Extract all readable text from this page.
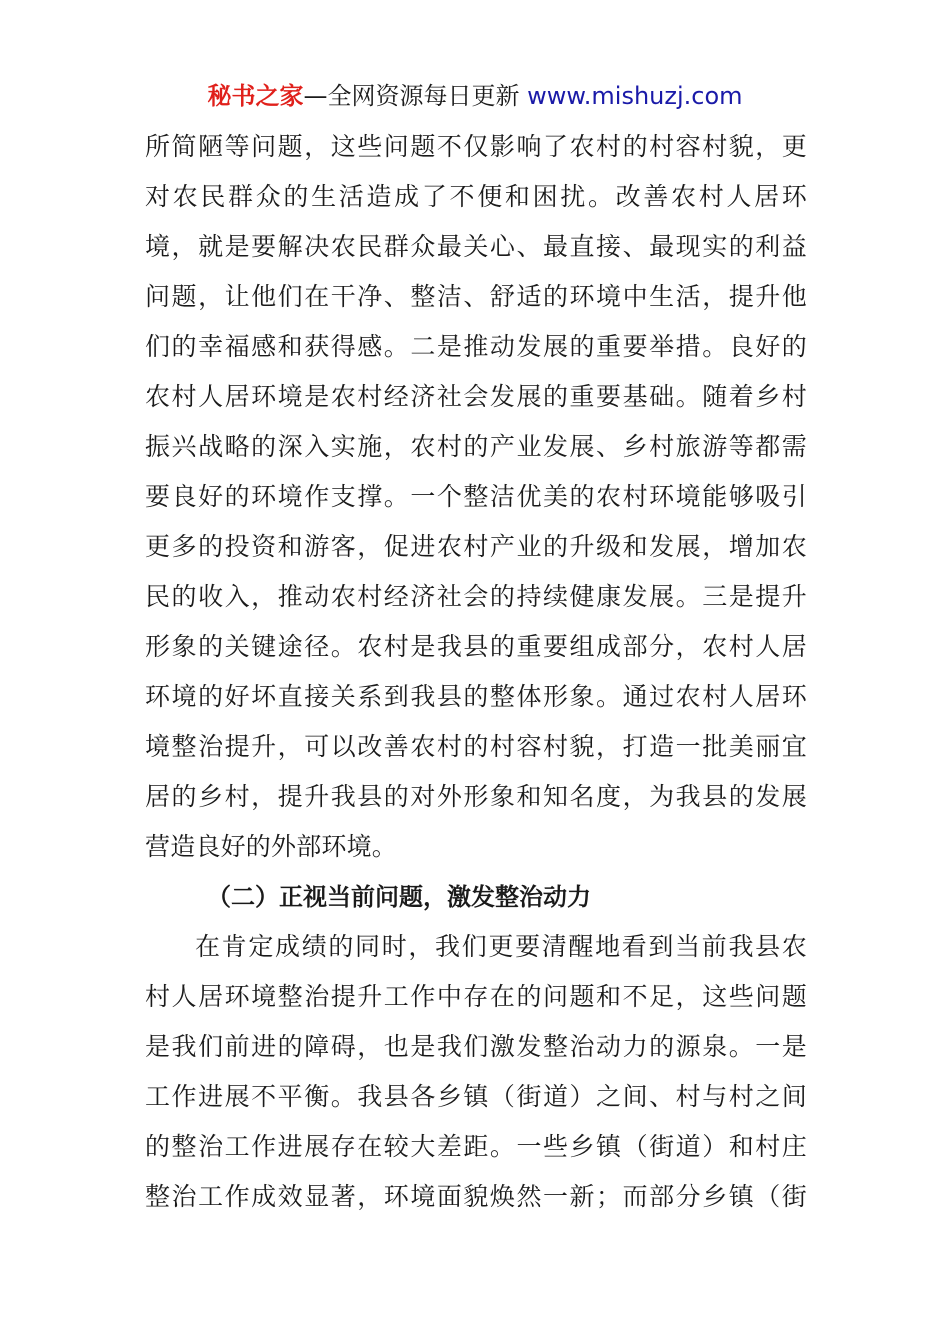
秘书之家—全网资源每日更新 www.mishuzj.com
所简陋等问题，这些问题不仅影响了农村的村容村貌，更
对农民群众的生活造成了不便和困扰。改善农村人居环
境，就是要解决农民群众最关心、最直接、最现实的利益
问题，让他们在干净、整洁、舒适的环境中生活，提升他
们的幸福感和获得感。二是推动发展的重要举措。良好的
农村人居环境是农村经济社会发展的重要基础。随着乡村
振兴战略的深入实施，农村的产业发展、乡村旅游等都需
要良好的环境作支撑。一个整洁优美的农村环境能够吸引
更多的投资和游客，促进农村产业的升级和发展，增加农
民的收入，推动农村经济社会的持续健康发展。三是提升
形象的关键途径。农村是我县的重要组成部分，农村人居
环境的好坏直接关系到我县的整体形象。通过农村人居环
境整治提升，可以改善农村的村容村貌，打造一批美丽宜
居的乡村，提升我县的对外形象和知名度，为我县的发展
营造良好的外部环境。
（二）正视当前问题，激发整治动力
在肯定成绩的同时，我们更要清醒地看到当前我县农
村人居环境整治提升工作中存在的问题和不足，这些问题
是我们前进的障碍，也是我们激发整治动力的源泉。一是
工作进展不平衡。我县各乡镇（街道）之间、村与村之间
的整治工作进展存在较大差距。一些乡镇（街道）和村庄
整治工作成效显著，环境面貌焕然一新；而部分乡镇（街
